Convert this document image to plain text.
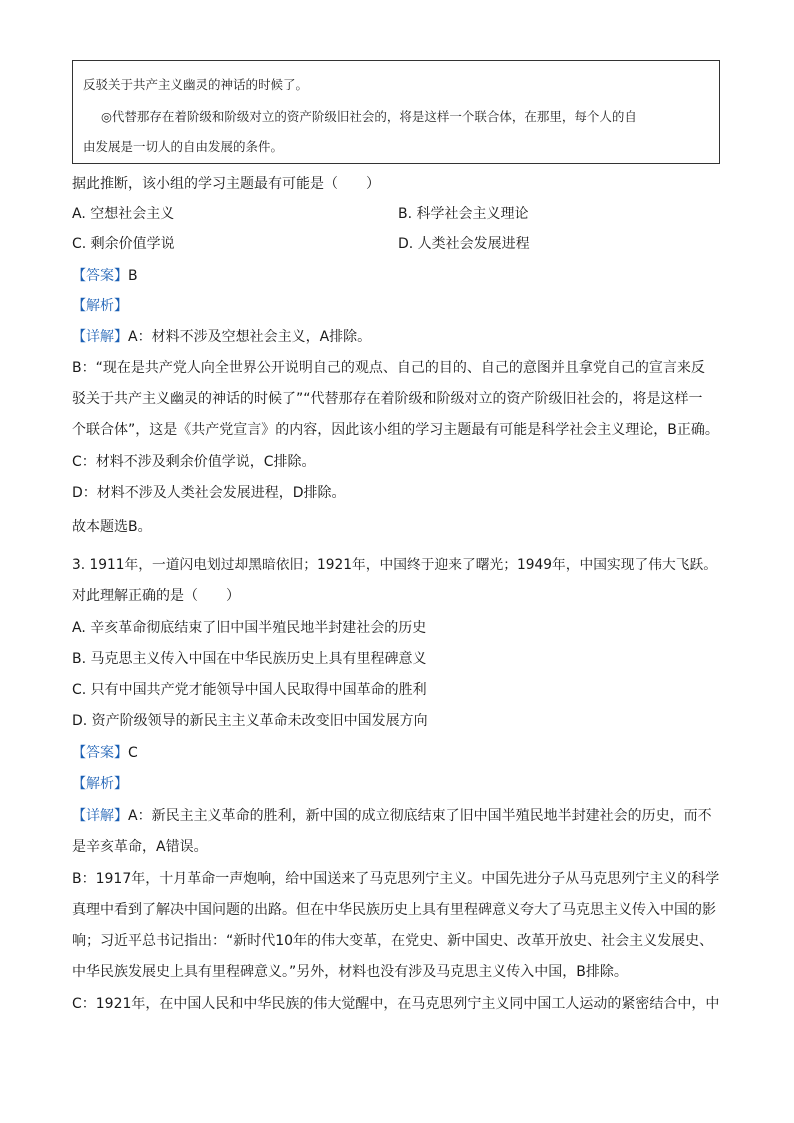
反驳关于共产主义幽灵的神话的时候了。
◎代替那存在着阶级和阶级对立的资产阶级旧社会的，将是这样一个联合体，在那里，每个人的自
由发展是一切人的自由发展的条件。
据此推断，该小组的学习主题最有可能是（　　）
A. 空想社会主义	B. 科学社会主义理论
C. 剩余价值学说	D. 人类社会发展进程
【答案】B
【解析】
【详解】A：材料不涉及空想社会主义，A排除。
B：“现在是共产党人向全世界公开说明自己的观点、自己的目的、自己的意图并且拿党自己的宣言来反
驳关于共产主义幽灵的神话的时候了”“代替那存在着阶级和阶级对立的资产阶级旧社会的，将是这样一
个联合体”，这是《共产党宣言》的内容，因此该小组的学习主题最有可能是科学社会主义理论，B正确。
C：材料不涉及剩余价值学说，C排除。
D：材料不涉及人类社会发展进程，D排除。
故本题选B。
3. 1911年，一道闪电划过却黑暗依旧；1921年，中国终于迎来了曙光；1949年，中国实现了伟大飞跃。
对此理解正确的是（　　）
A. 辛亥革命彻底结束了旧中国半殖民地半封建社会的历史
B. 马克思主义传入中国在中华民族历史上具有里程碑意义
C. 只有中国共产党才能领导中国人民取得中国革命的胜利
D. 资产阶级领导的新民主主义革命未改变旧中国发展方向
【答案】C
【解析】
【详解】A：新民主主义革命的胜利，新中国的成立彻底结束了旧中国半殖民地半封建社会的历史，而不
是辛亥革命，A错误。
B：1917年，十月革命一声炮响，给中国送来了马克思列宁主义。中国先进分子从马克思列宁主义的科学
真理中看到了解决中国问题的出路。但在中华民族历史上具有里程碑意义夸大了马克思主义传入中国的影
响；习近平总书记指出：“新时代10年的伟大变革，在党史、新中国史、改革开放史、社会主义发展史、
中华民族发展史上具有里程碑意义。”另外，材料也没有涉及马克思主义传入中国，B排除。
C：1921年，在中国人民和中华民族的伟大觉醒中，在马克思列宁主义同中国工人运动的紧密结合中，中
